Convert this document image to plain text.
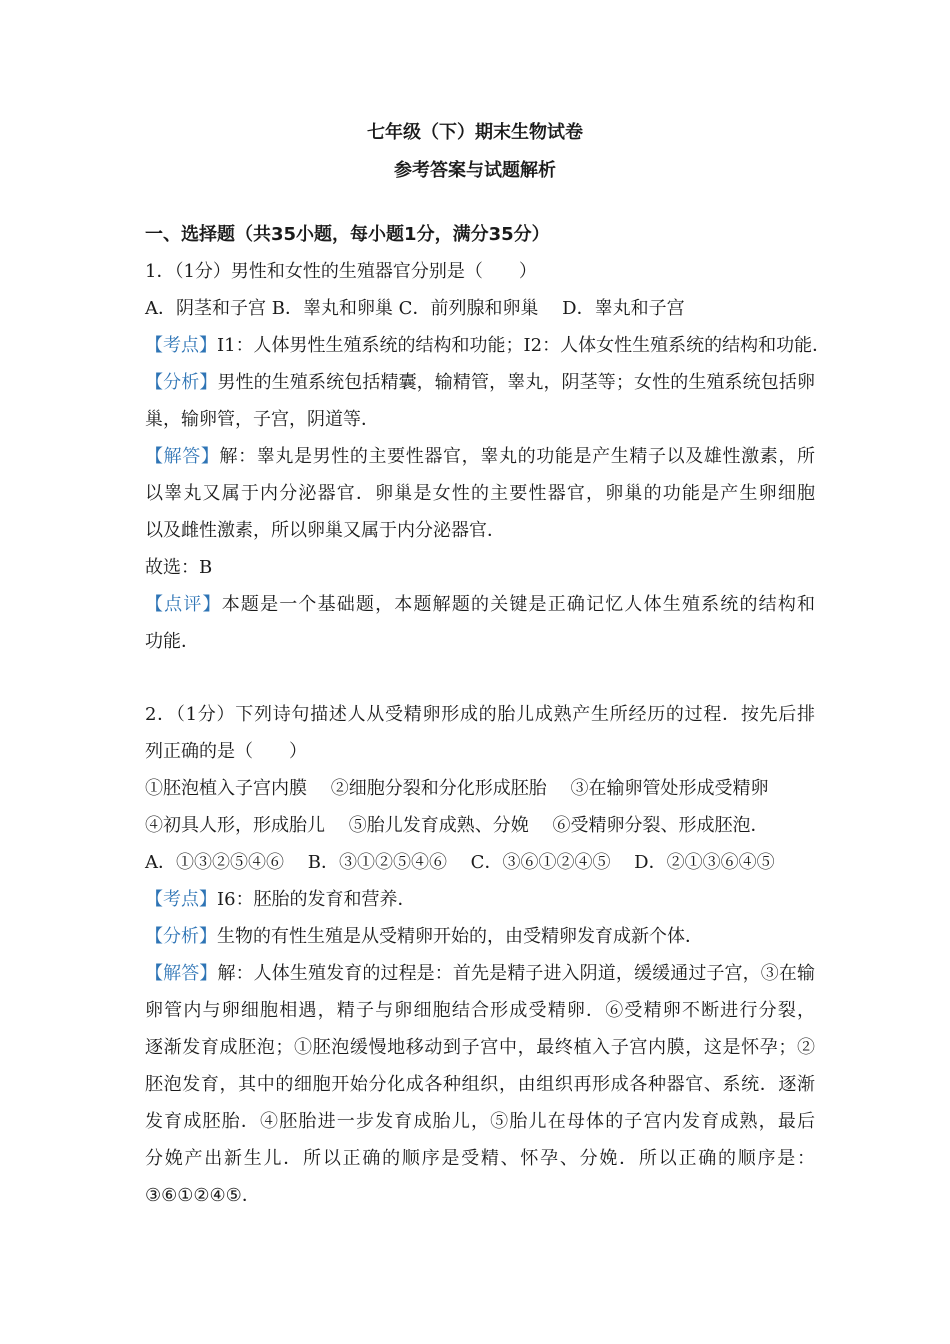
七年级（下）期末生物试卷
参考答案与试题解析
一、选择题（共35小题，每小题1分，满分35分）
1．（1分）男性和女性的生殖器官分别是（　　）
A．阴茎和子宫 B．睾丸和卵巢 C．前列腺和卵巢　 D．睾丸和子宫
【考点】I1：人体男性生殖系统的结构和功能；I2：人体女性生殖系统的结构和功能．
【分析】男性的生殖系统包括精囊，输精管，睾丸，阴茎等；女性的生殖系统包括卵
巢，输卵管，子宫，阴道等．
【解答】解：睾丸是男性的主要性器官，睾丸的功能是产生精子以及雄性激素，所
以睾丸又属于内分泌器官．卵巢是女性的主要性器官，卵巢的功能是产生卵细胞
以及雌性激素，所以卵巢又属于内分泌器官．
故选：B
【点评】本题是一个基础题，本题解题的关键是正确记忆人体生殖系统的结构和
功能．
2．（1分）下列诗句描述人从受精卵形成的胎儿成熟产生所经历的过程．按先后排
列正确的是（　　）
①胚泡植入子宫内膜　 ②细胞分裂和分化形成胚胎　 ③在输卵管处形成受精卵
④初具人形，形成胎儿　 ⑤胎儿发育成熟、分娩　 ⑥受精卵分裂、形成胚泡．
A．①③②⑤④⑥　 B．③①②⑤④⑥　 C．③⑥①②④⑤　 D．②①③⑥④⑤
【考点】I6：胚胎的发育和营养．
【分析】生物的有性生殖是从受精卵开始的，由受精卵发育成新个体．
【解答】解：人体生殖发育的过程是：首先是精子进入阴道，缓缓通过子宫，③在输
卵管内与卵细胞相遇，精子与卵细胞结合形成受精卵．⑥受精卵不断进行分裂，
逐渐发育成胚泡；①胚泡缓慢地移动到子宫中，最终植入子宫内膜，这是怀孕；②
胚泡发育，其中的细胞开始分化成各种组织，由组织再形成各种器官、系统．逐渐
发育成胚胎．④胚胎进一步发育成胎儿，⑤胎儿在母体的子宫内发育成熟，最后
分娩产出新生儿．所以正确的顺序是受精、怀孕、分娩．所以正确的顺序是：
③⑥①②④⑤．
